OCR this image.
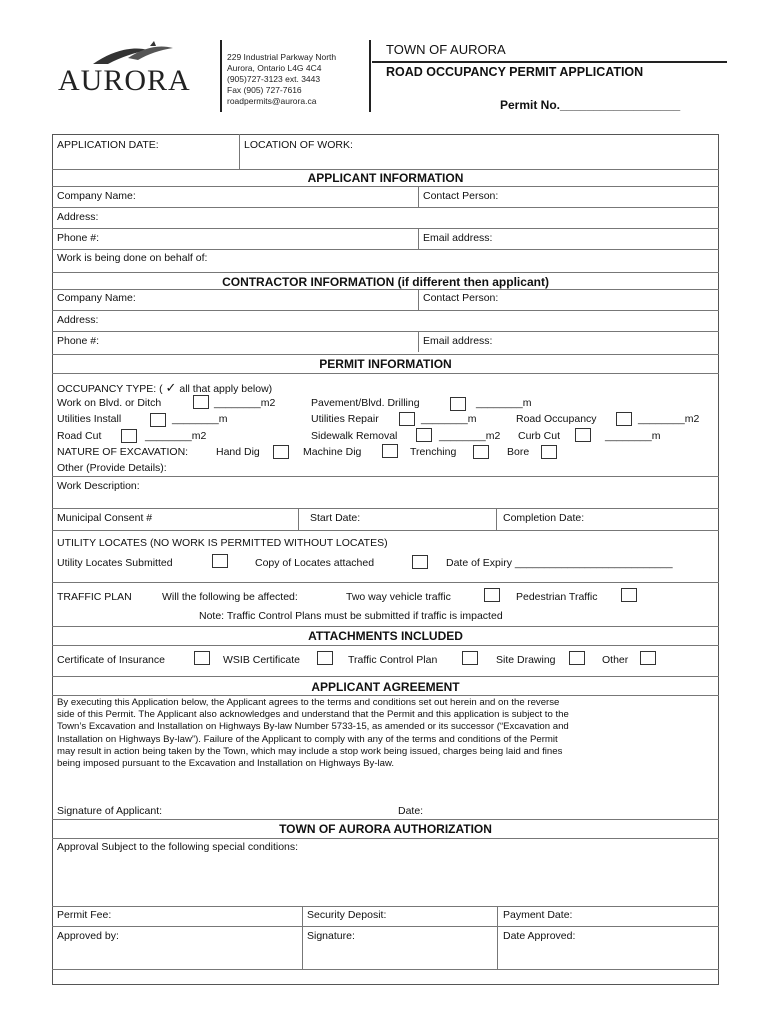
AURORA
229 Industrial Parkway North
Aurora, Ontario L4G 4C4
(905)727-3123 ext. 3443
Fax (905) 727-7616
roadpermits@aurora.ca
TOWN OF AURORA
ROAD OCCUPANCY PERMIT APPLICATION
Permit No.__________________
APPLICATION DATE:	LOCATION OF WORK:
APPLICANT INFORMATION
Company Name:	Contact Person:
Address:
Phone #:	Email address:
Work is being done on behalf of:
CONTRACTOR INFORMATION (if different then applicant)
Company Name:	Contact Person:
Address:
Phone #:	Email address:
PERMIT INFORMATION
OCCUPANCY TYPE: ( ✓ all that apply below)
Work on Blvd. or Ditch	________m2	Pavement/Blvd. Drilling	________m
Utilities Install	________m	Utilities Repair	________m	Road Occupancy	________m2
Road Cut	________m2	Sidewalk Removal	________m2 Curb Cut	________m
NATURE OF EXCAVATION:	Hand Dig	Machine Dig	Trenching	Bore
Other (Provide Details):
Work Description:
Municipal Consent #	Start Date:	Completion Date:
UTILITY LOCATES (NO WORK IS PERMITTED WITHOUT LOCATES)
Utility Locates Submitted	Copy of Locates attached	Date of Expiry ___________________________
TRAFFIC PLAN	Will the following be affected:	Two way vehicle traffic	Pedestrian Traffic
Note: Traffic Control Plans must be submitted if traffic is impacted
ATTACHMENTS INCLUDED
Certificate of Insurance	WSIB Certificate	Traffic Control Plan	Site Drawing	Other
APPLICANT AGREEMENT
By executing this Application below, the Applicant agrees to the terms and conditions set out herein and on the reverse
side of this Permit. The Applicant also acknowledges and understand that the Permit and this application is subject to the
Town’s Excavation and Installation on Highways By-law Number 5733-15, as amended or its successor (“Excavation and
Installation on Highways By-law”). Failure of the Applicant to comply with any of the terms and conditions of the Permit
may result in action being taken by the Town, which may include a stop work being issued, charges being laid and fines
being imposed pursuant to the Excavation and Installation on Highways By-law.
Signature of Applicant:	Date:
TOWN OF AURORA AUTHORIZATION
Approval Subject to the following special conditions:
Permit Fee:	Security Deposit:	Payment Date:
Approved by:	Signature:	Date Approved:
